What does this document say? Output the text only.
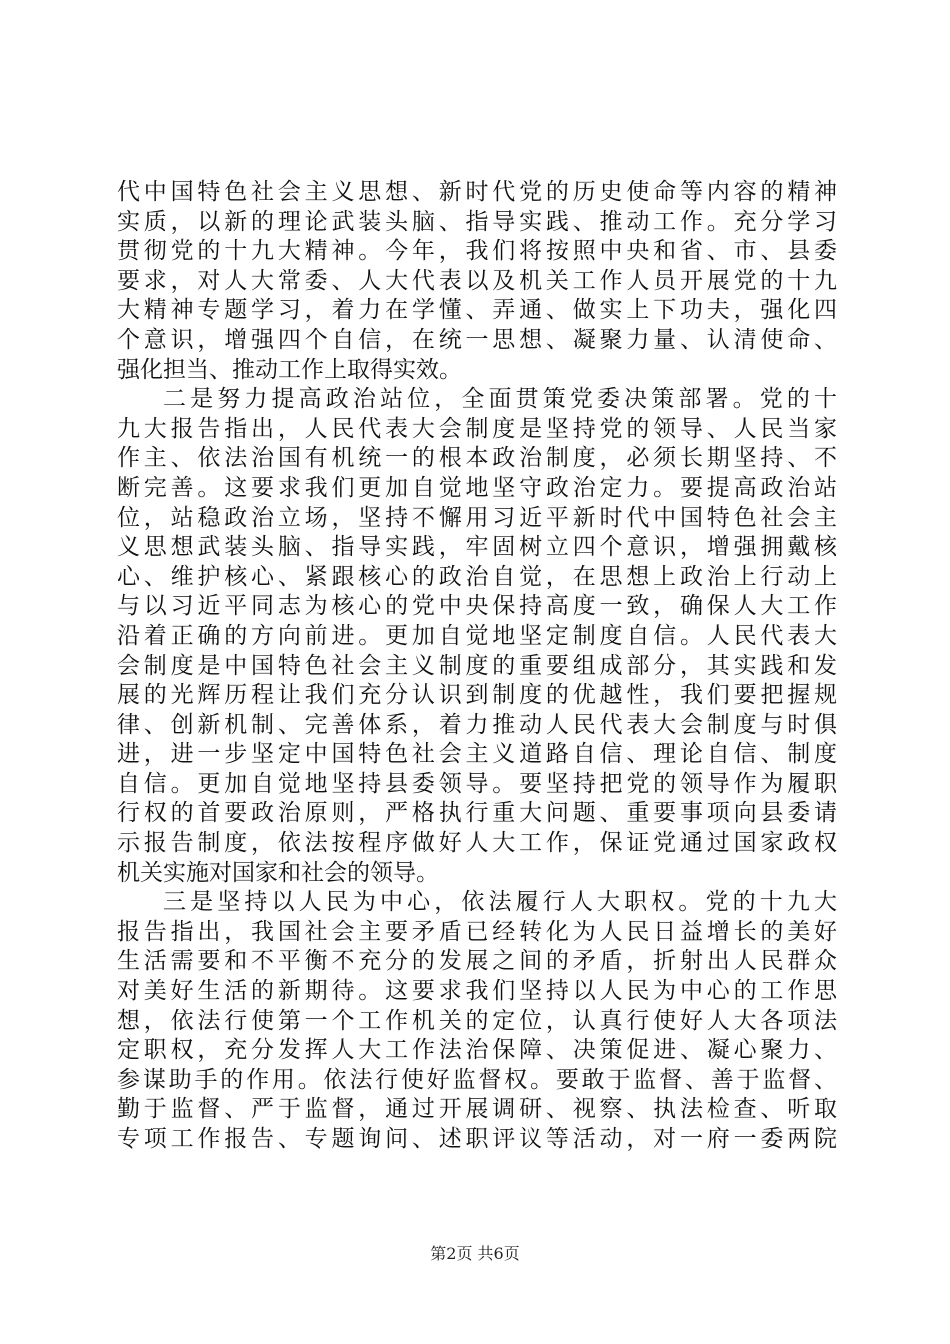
代中国特色社会主义思想、新时代党的历史使命等内容的精神
实质，以新的理论武装头脑、指导实践、推动工作。充分学习
贯彻党的十九大精神。今年，我们将按照中央和省、市、县委
要求，对人大常委、人大代表以及机关工作人员开展党的十九
大精神专题学习，着力在学懂、弄通、做实上下功夫，强化四
个意识，增强四个自信，在统一思想、凝聚力量、认清使命、
强化担当、推动工作上取得实效。
二是努力提高政治站位，全面贯策党委决策部署。党的十
九大报告指出，人民代表大会制度是坚持党的领导、人民当家
作主、依法治国有机统一的根本政治制度，必须长期坚持、不
断完善。这要求我们更加自觉地坚守政治定力。要提高政治站
位，站稳政治立场，坚持不懈用习近平新时代中国特色社会主
义思想武装头脑、指导实践，牢固树立四个意识，增强拥戴核
心、维护核心、紧跟核心的政治自觉，在思想上政治上行动上
与以习近平同志为核心的党中央保持高度一致，确保人大工作
沿着正确的方向前进。更加自觉地坚定制度自信。人民代表大
会制度是中国特色社会主义制度的重要组成部分，其实践和发
展的光辉历程让我们充分认识到制度的优越性，我们要把握规
律、创新机制、完善体系，着力推动人民代表大会制度与时俱
进，进一步坚定中国特色社会主义道路自信、理论自信、制度
自信。更加自觉地坚持县委领导。要坚持把党的领导作为履职
行权的首要政治原则，严格执行重大问题、重要事项向县委请
示报告制度，依法按程序做好人大工作，保证党通过国家政权
机关实施对国家和社会的领导。
三是坚持以人民为中心，依法履行人大职权。党的十九大
报告指出，我国社会主要矛盾已经转化为人民日益增长的美好
生活需要和不平衡不充分的发展之间的矛盾，折射出人民群众
对美好生活的新期待。这要求我们坚持以人民为中心的工作思
想，依法行使第一个工作机关的定位，认真行使好人大各项法
定职权，充分发挥人大工作法治保障、决策促进、凝心聚力、
参谋助手的作用。依法行使好监督权。要敢于监督、善于监督、
勤于监督、严于监督，通过开展调研、视察、执法检查、听取
专项工作报告、专题询问、述职评议等活动，对一府一委两院
第2页 共6页
